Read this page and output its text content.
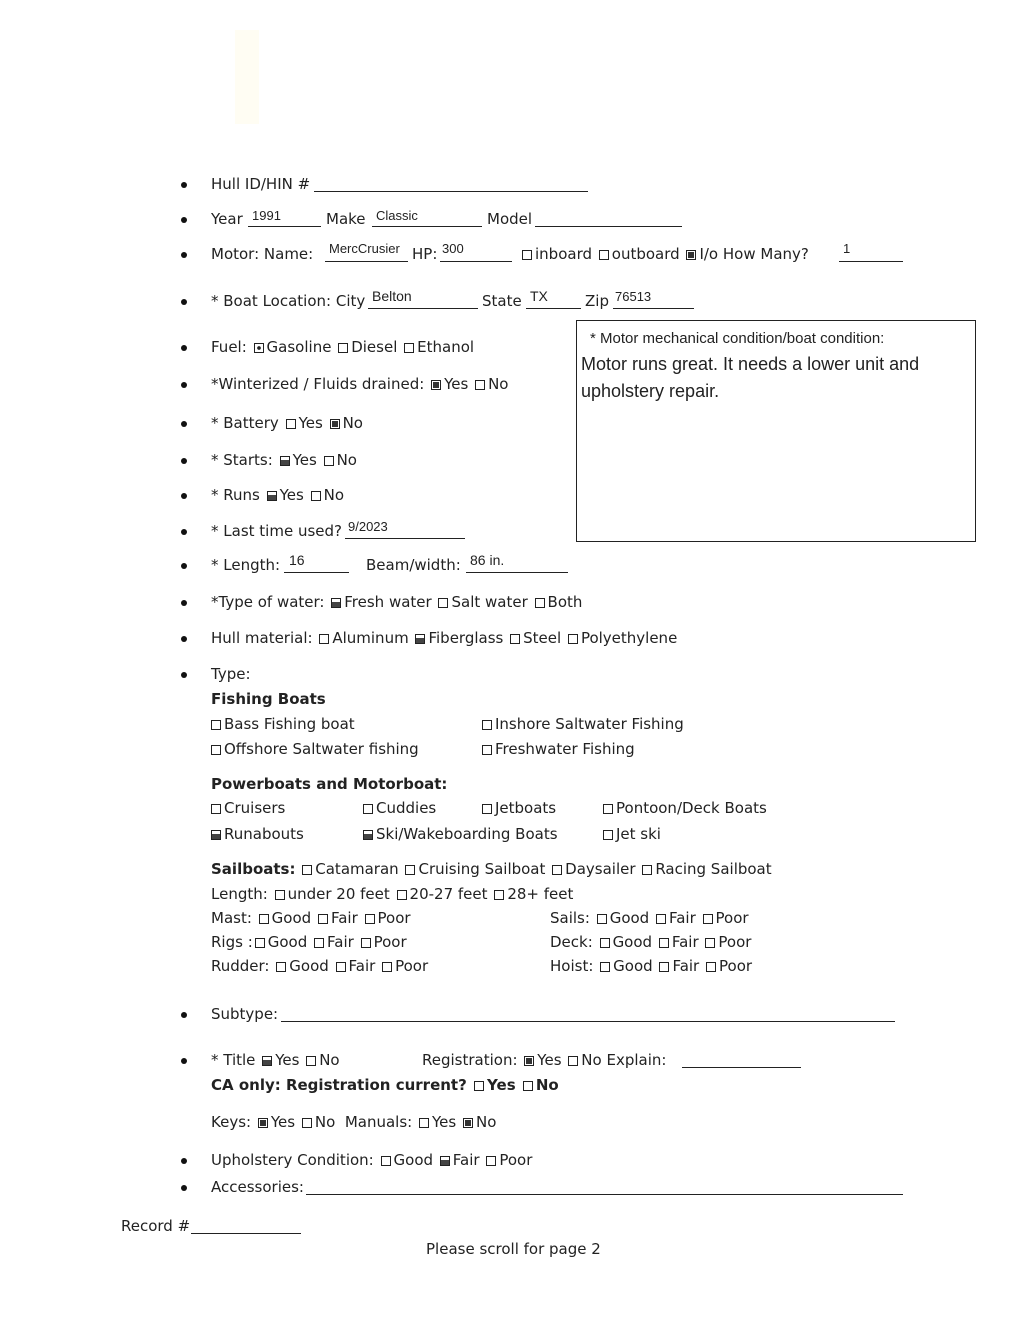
Hull ID/HIN #
Year 1991	Make Classic	Model
Motor: Name: MercCrusier HP: 300	inboard outboard I/o How Many?	1
* Boat Location: City Belton	State TX Zip 76513
Fuel: Gasoline Diesel Ethanol
*Winterized / Fluids drained: Yes No
* Battery Yes No
* Starts: Yes No
* Runs Yes No
* Last time used? 9/2023
* Length: 16	Beam/width: 86 in.
* Motor mechanical condition/boat condition:
Motor runs great. It needs a lower unit and upholstery repair.
*Type of water: Fresh water Salt water Both
Hull material: Aluminum Fiberglass Steel Polyethylene
Type:
Fishing Boats
Bass Fishing boat	Inshore Saltwater Fishing
Offshore Saltwater fishing	Freshwater Fishing
Powerboats and Motorboat:
Cruisers	Cuddies	Jetboats	Pontoon/Deck Boats
Runabouts	Ski/Wakeboarding Boats	Jet ski
Sailboats: Catamaran Cruising Sailboat Daysailer Racing Sailboat
Length: under 20 feet 20-27 feet 28+ feet
Mast: Good Fair Poor	Sails: Good Fair Poor
Rigs : Good Fair Poor	Deck: Good Fair Poor
Rudder: Good Fair Poor	Hoist: Good Fair Poor
Subtype:
* Title Yes No	Registration: Yes No Explain:
CA only: Registration current? Yes No
Keys: Yes No Manuals: Yes No
Upholstery Condition: Good Fair Poor
Accessories:
Record #
Please scroll for page 2
